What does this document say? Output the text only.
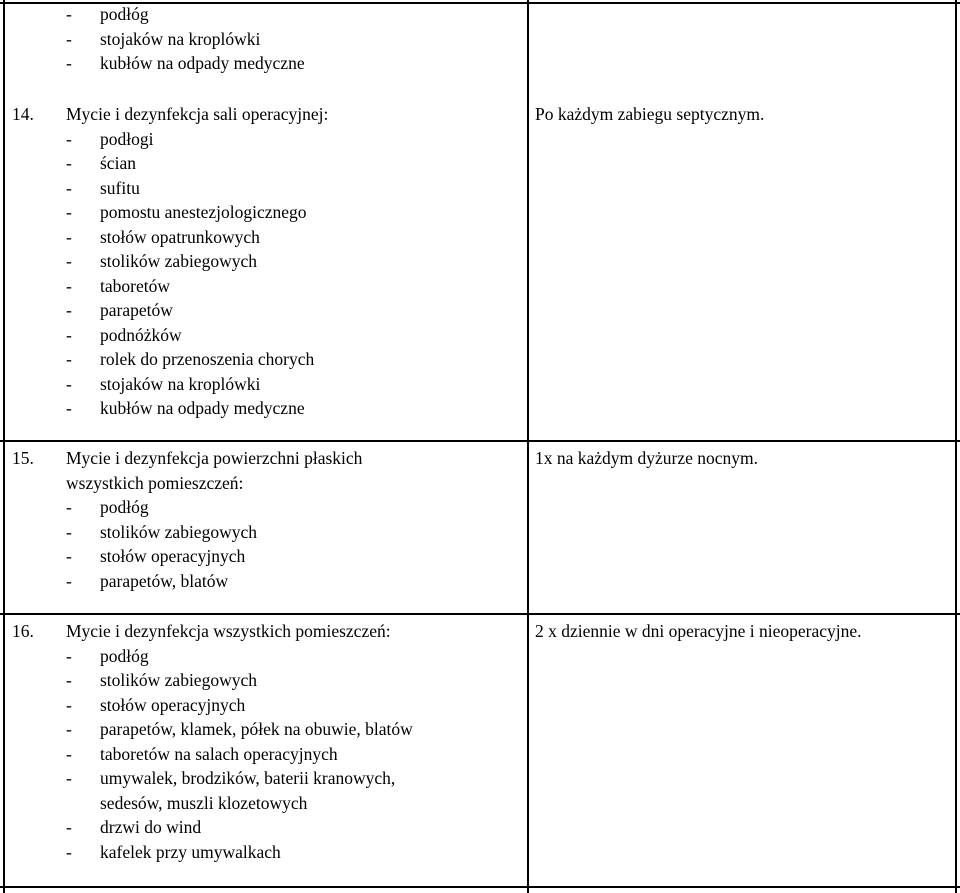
- podłóg
- stojaków na kroplówki
- kubłów na odpady medyczne
14. Mycie i dezynfekcja sali operacyjnej:
- podłogi
- ścian
- sufitu
- pomostu anestezjologicznego
- stołów opatrunkowych
- stolików zabiegowych
- taboretów
- parapetów
- podnóżków
- rolek do przenoszenia chorych
- stojaków na kroplówki
- kubłów na odpady medyczne
Po każdym zabiegu septycznym.
15. Mycie i dezynfekcja powierzchni płaskich
wszystkich pomieszczeń:
- podłóg
- stolików zabiegowych
- stołów operacyjnych
- parapetów, blatów
1x na każdym dyżurze nocnym.
16. Mycie i dezynfekcja wszystkich pomieszczeń:
- podłóg
- stolików zabiegowych
- stołów operacyjnych
- parapetów, klamek, półek na obuwie, blatów
- taboretów na salach operacyjnych
- umywalek, brodzików, baterii kranowych,
sedesów, muszli klozetowych
- drzwi do wind
- kafelek przy umywalkach
2 x dziennie w dni operacyjne i nieoperacyjne.
